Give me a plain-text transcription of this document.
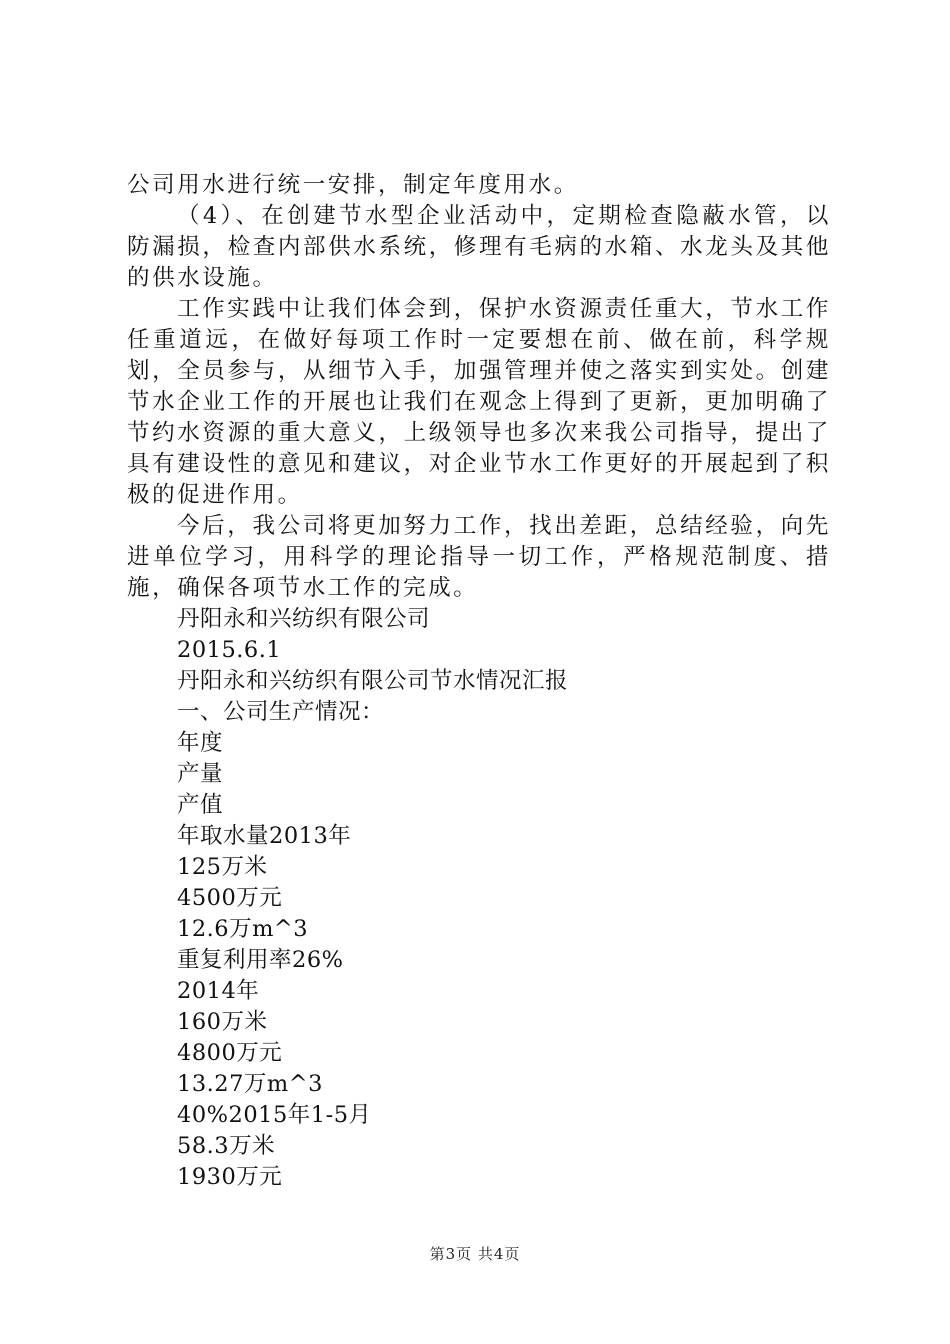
公司用水进行统一安排，制定年度用水。

（4）、在创建节水型企业活动中，定期检查隐蔽水管，以防漏损，检查内部供水系统，修理有毛病的水箱、水龙头及其他的供水设施。

工作实践中让我们体会到，保护水资源责任重大，节水工作任重道远，在做好每项工作时一定要想在前、做在前，科学规划，全员参与，从细节入手，加强管理并使之落实到实处。创建节水企业工作的开展也让我们在观念上得到了更新，更加明确了节约水资源的重大意义，上级领导也多次来我公司指导，提出了具有建设性的意见和建议，对企业节水工作更好的开展起到了积极的促进作用。

今后，我公司将更加努力工作，找出差距，总结经验，向先进单位学习，用科学的理论指导一切工作，严格规范制度、措施，确保各项节水工作的完成。

丹阳永和兴纺织有限公司

2015.6.1

丹阳永和兴纺织有限公司节水情况汇报

一、公司生产情况：

年度

产量

产值

年取水量2013年

125万米

4500万元

12.6万m^3

重复利用率26%

2014年

160万米

4800万元

13.27万m^3

40%2015年1-5月

58.3万米

1930万元

第3页 共4页
